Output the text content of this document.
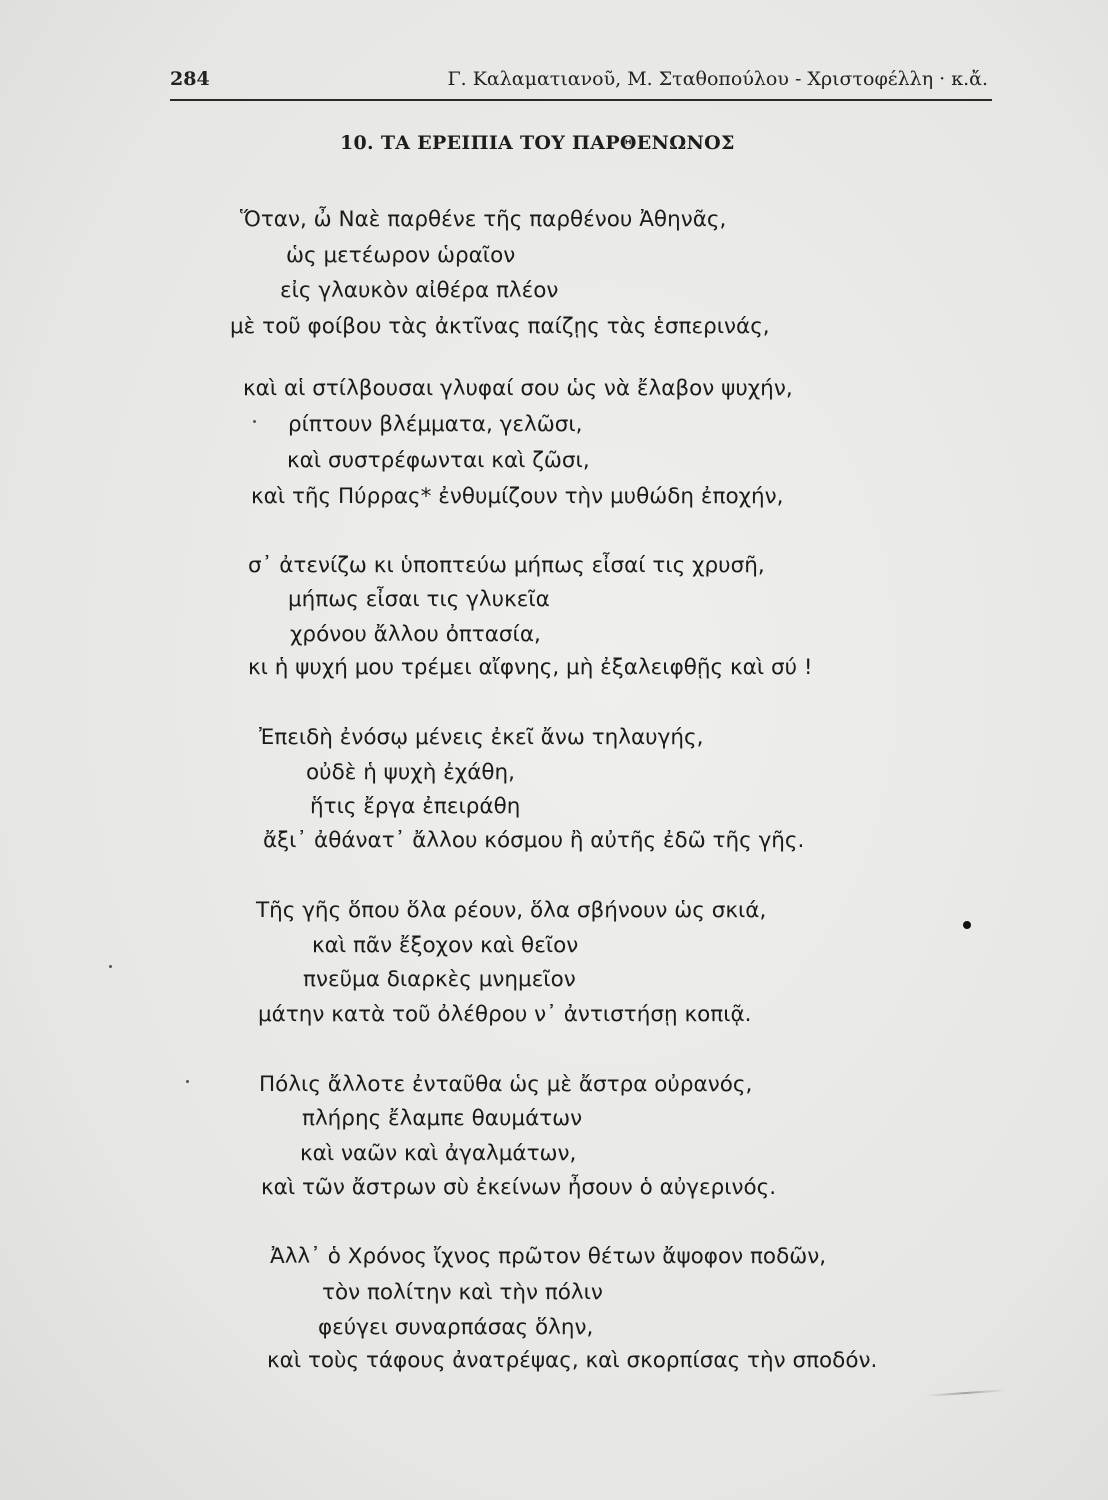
284	Γ. Καλαματιανοῦ, Μ. Σταθοπούλου - Χριστοφέλλη · κ.ἄ.
10. ΤΑ ΕΡΕΙΠΙΑ ΤΟΥ ΠΑΡΘΕΝΩΝΟΣ
Ὅταν, ὦ Ναὲ παρθένε τῆς παρθένου Ἀθηνᾶς,
ὡς μετέωρον ὡραῖον
εἰς γλαυκὸν αἰθέρα πλέον
μὲ τοῦ φοίβου τὰς ἀκτῖνας παίζῃς τὰς ἑσπερινάς,
καὶ αἱ στίλβουσαι γλυφαί σου ὡς νὰ ἔλαβον ψυχήν,
ρίπτουν βλέμματα, γελῶσι,
καὶ συστρέφωνται καὶ ζῶσι,
καὶ τῆς Πύρρας* ἐνθυμίζουν τὴν μυθώδη ἐποχήν,
σ᾿ ἀτενίζω κι ὑποπτεύω μήπως εἶσαί τις χρυσῆ,
μήπως εἶσαι τις γλυκεῖα
χρόνου ἄλλου ὀπτασία,
κι ἡ ψυχή μου τρέμει αἴφνης, μὴ ἐξαλειφθῇς καὶ σύ !
Ἐπειδὴ ἐνόσῳ μένεις ἐκεῖ ἄνω τηλαυγής,
οὐδὲ ἡ ψυχὴ ἐχάθη,
ἥτις ἔργα ἐπειράθη
ἄξι᾿ ἀθάνατ᾿ ἄλλου κόσμου ἢ αὐτῆς ἐδῶ τῆς γῆς.
Τῆς γῆς ὅπου ὅλα ρέουν, ὅλα σβήνουν ὡς σκιά,
καὶ πᾶν ἔξοχον καὶ θεῖον
πνεῦμα διαρκὲς μνημεῖον
μάτην κατὰ τοῦ ὀλέθρου ν᾿ ἀντιστήσῃ κοπιᾷ.
Πόλις ἄλλοτε ἐνταῦθα ὡς μὲ ἄστρα οὐρανός,
πλήρης ἔλαμπε θαυμάτων
καὶ ναῶν καὶ ἀγαλμάτων,
καὶ τῶν ἄστρων σὺ ἐκείνων ἦσουν ὁ αὐγερινός.
Ἀλλ᾿ ὁ Χρόνος ἴχνος πρῶτον θέτων ἄψοφον ποδῶν,
τὸν πολίτην καὶ τὴν πόλιν
φεύγει συναρπάσας ὅλην,
καὶ τοὺς τάφους ἀνατρέψας, καὶ σκορπίσας τὴν σποδόν.
